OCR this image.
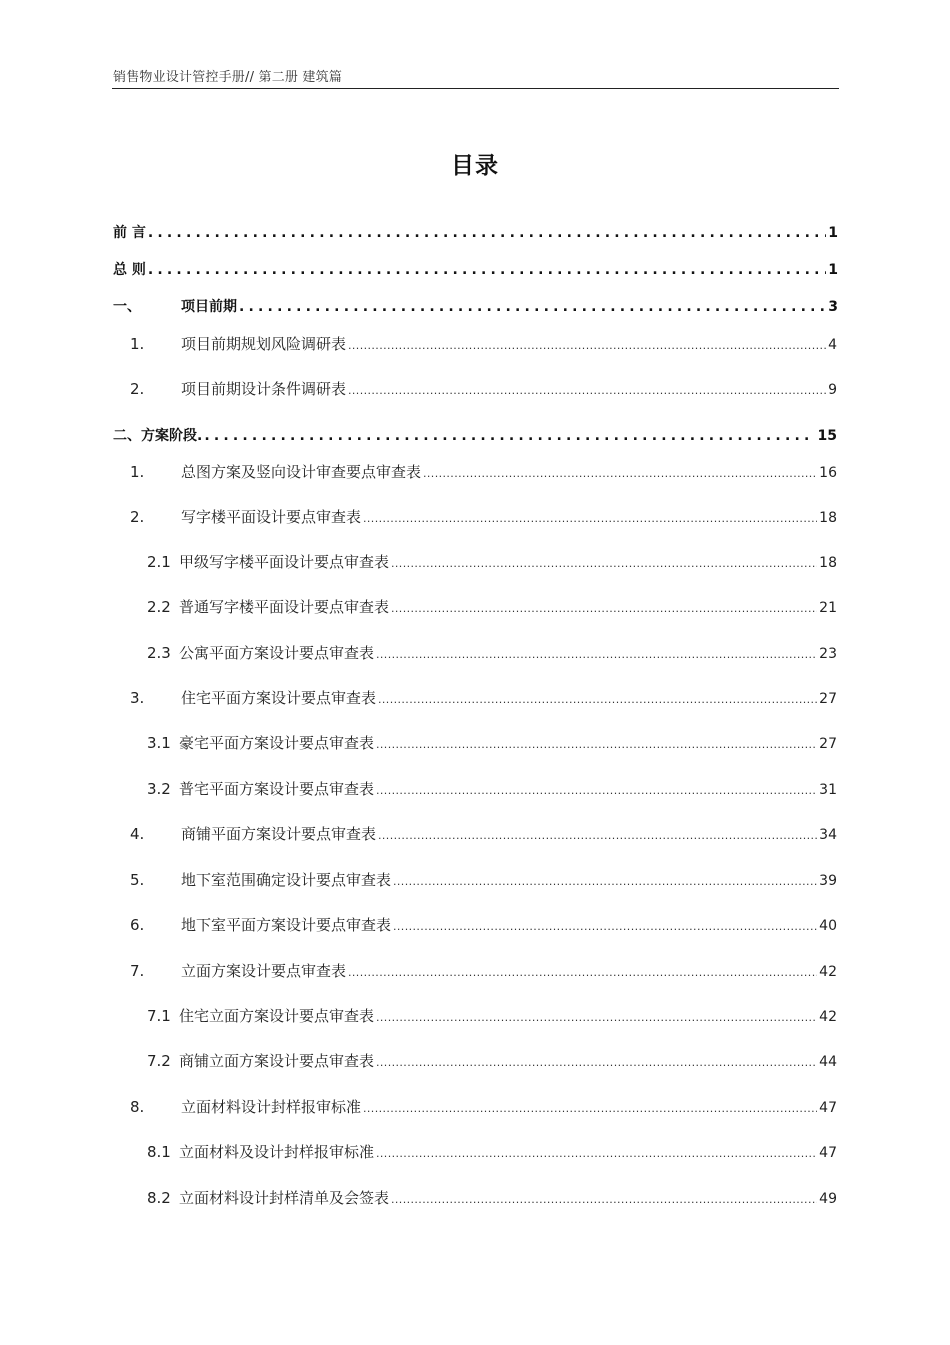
销售物业设计管控手册// 第二册 建筑篇
目录
前 言 .....	1
总 则 .....	1
一、	项目前期 .....	3
1.	项目前期规划风险调研表 .....	4
2.	项目前期设计条件调研表 .....	9
二、方案阶段. .....	15
1.	总图方案及竖向设计审查要点审查表 .....	16
2.	写字楼平面设计要点审查表 .....	18
2.1 甲级写字楼平面设计要点审查表 .....	18
2.2 普通写字楼平面设计要点审查表 .....	21
2.3 公寓平面方案设计要点审查表 .....	23
3.	住宅平面方案设计要点审查表 .....	27
3.1 豪宅平面方案设计要点审查表 .....	27
3.2 普宅平面方案设计要点审查表 .....	31
4.	商铺平面方案设计要点审查表 .....	34
5.	地下室范围确定设计要点审查表 .....	39
6.	地下室平面方案设计要点审查表 .....	40
7.	立面方案设计要点审查表 .....	42
7.1 住宅立面方案设计要点审查表 .....	42
7.2 商铺立面方案设计要点审查表 .....	44
8.	立面材料设计封样报审标准 .....	47
8.1 立面材料及设计封样报审标准 .....	47
8.2 立面材料设计封样清单及会签表 .....	49
